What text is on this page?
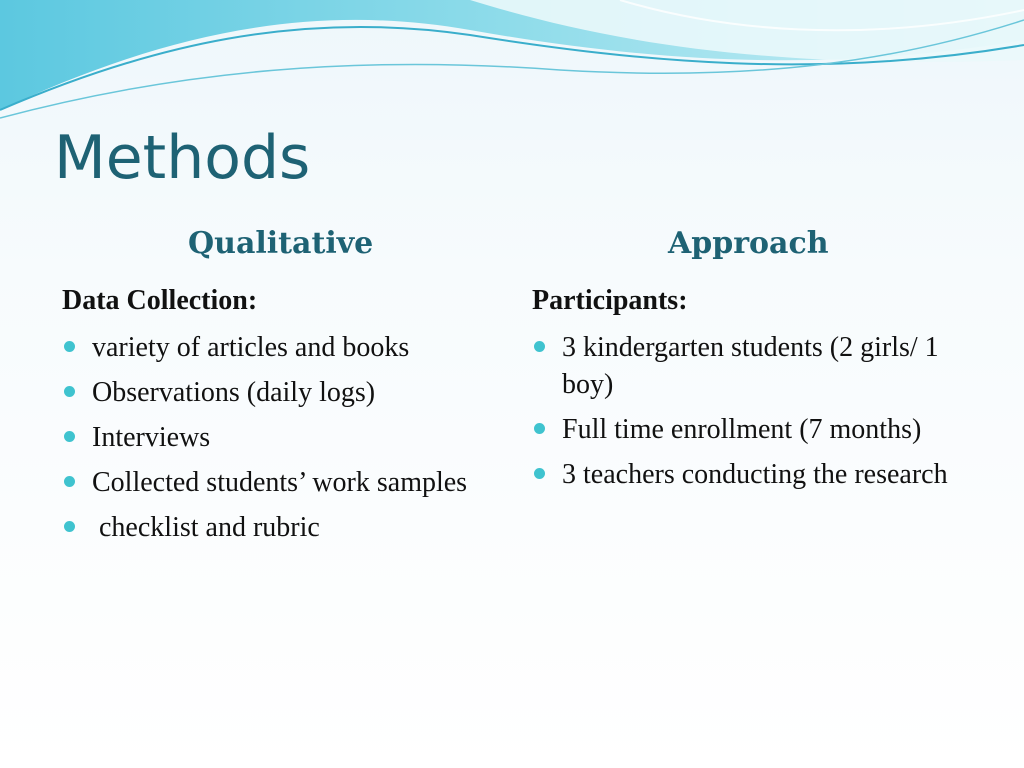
Methods
Qualitative
Data Collection:
variety of articles and books
Observations (daily logs)
Interviews
Collected students’ work samples
checklist and rubric
Approach
Participants:
3 kindergarten students (2 girls/ 1 boy)
Full time enrollment (7 months)
3 teachers conducting the research
